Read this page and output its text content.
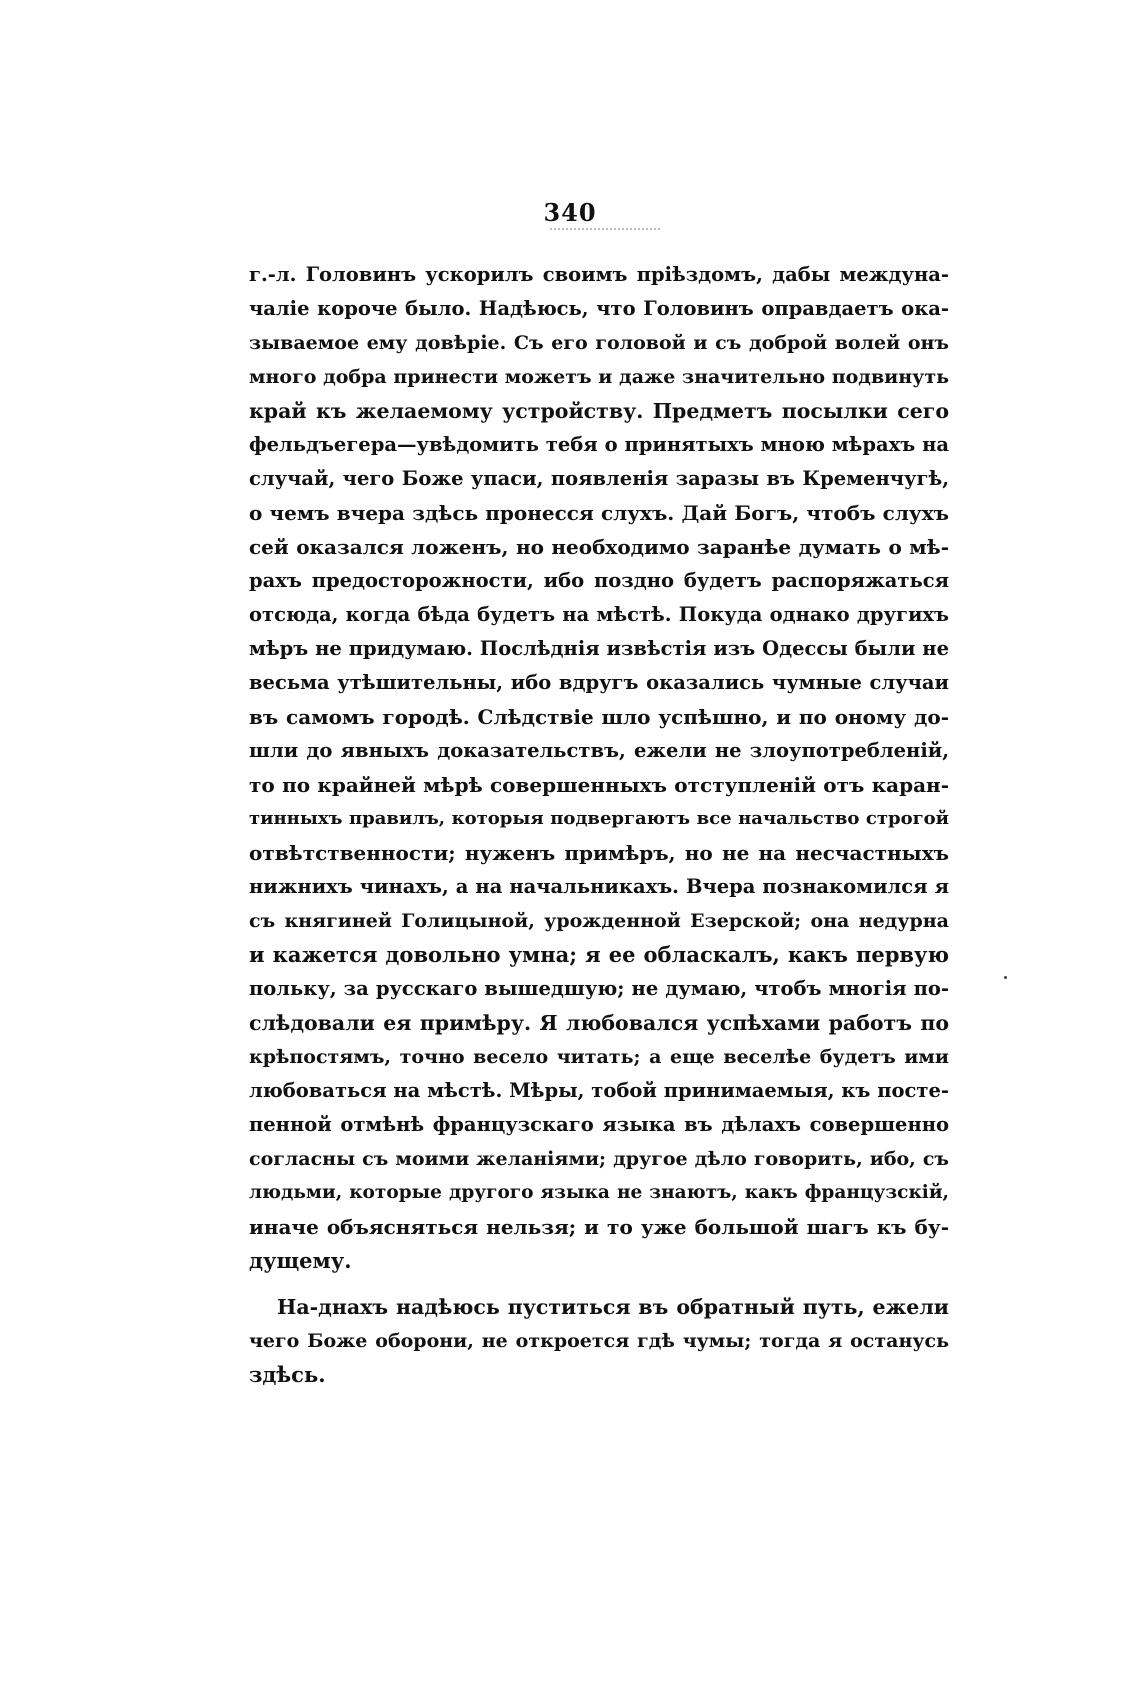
340
г.-л. Головинъ ускорилъ своимъ пріѣздомъ, дабы междуна-
чаліе короче было. Надѣюсь, что Головинъ оправдаетъ ока-
зываемое ему довѣріе. Съ его головой и съ доброй волей онъ
много добра принести можетъ и даже значительно подвинуть
край къ желаемому устройству. Предметъ посылки сего
фельдъегера—увѣдомить тебя о принятыхъ мною мѣрахъ на
случай, чего Боже упаси, появленія заразы въ Кременчугѣ,
о чемъ вчера здѣсь пронесся слухъ. Дай Богъ, чтобъ слухъ
сей оказался ложенъ, но необходимо заранѣе думать о мѣ-
рахъ предосторожности, ибо поздно будетъ распоряжаться
отсюда, когда бѣда будетъ на мѣстѣ. Покуда однако другихъ
мѣръ не придумаю. Послѣднія извѣстія изъ Одессы были не
весьма утѣшительны, ибо вдругъ оказались чумные случаи
въ самомъ городѣ. Слѣдствіе шло успѣшно, и по оному до-
шли до явныхъ доказательствъ, ежели не злоупотребленій,
то по крайней мѣрѣ совершенныхъ отступленій отъ каран-
тинныхъ правилъ, которыя подвергаютъ все начальство строгой
отвѣтственности; нуженъ примѣръ, но не на несчастныхъ
нижнихъ чинахъ, а на начальникахъ. Вчера познакомился я
съ княгиней Голицыной, урожденной Езерской; она недурна
и кажется довольно умна; я ее обласкалъ, какъ первую
польку, за русскаго вышедшую; не думаю, чтобъ многія по-
слѣдовали ея примѣру. Я любовался успѣхами работъ по
крѣпостямъ, точно весело читать; а еще веселѣе будетъ ими
любоваться на мѣстѣ. Мѣры, тобой принимаемыя, къ посте-
пенной отмѣнѣ французскаго языка въ дѣлахъ совершенно
согласны съ моими желаніями; другое дѣло говорить, ибо, съ
людьми, которые другого языка не знаютъ, какъ французскій,
иначе объясняться нельзя; и то уже большой шагъ къ бу-
дущему.
На-днахъ надѣюсь пуститься въ обратный путь, ежели
чего Боже оборони, не откроется гдѣ чумы; тогда я останусь
здѣсь.
